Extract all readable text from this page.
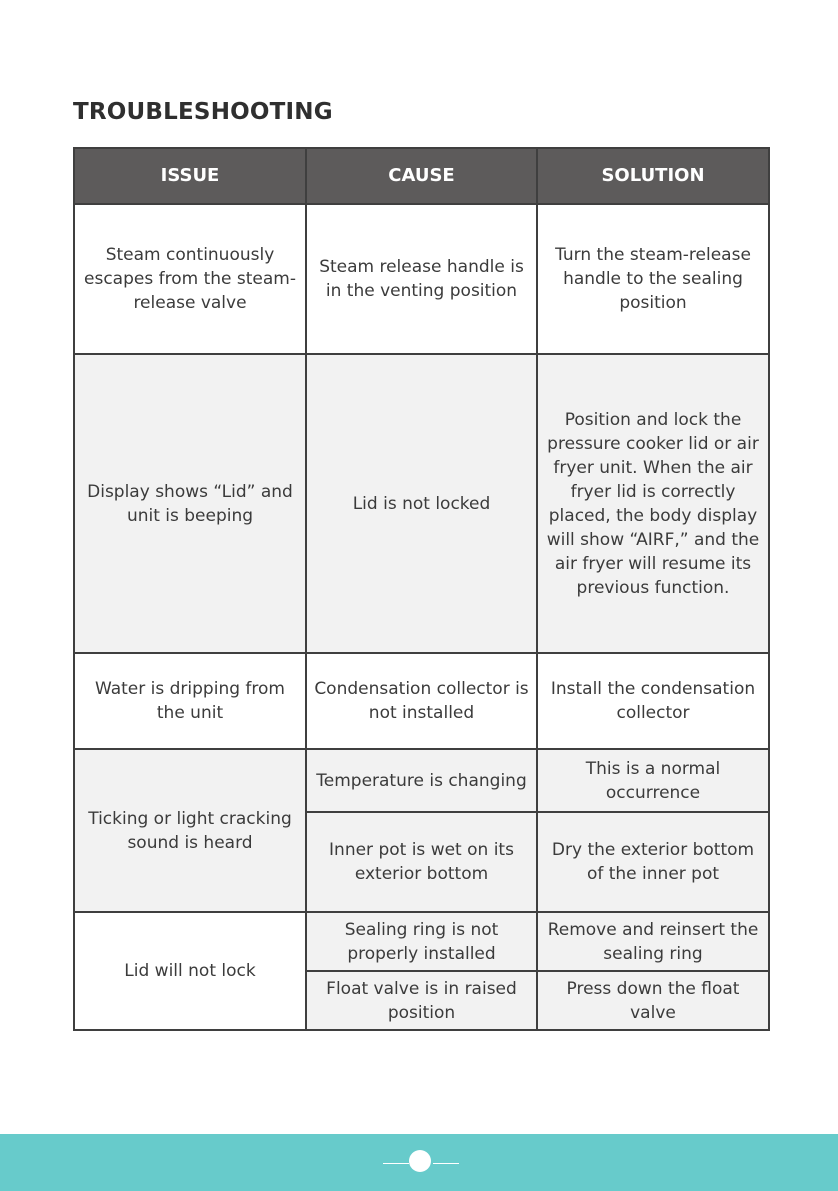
TROUBLESHOOTING
ISSUE	CAUSE	SOLUTION
Steam continuously escapes from the steam-release valve	Steam release handle is in the venting position	Turn the steam-release handle to the sealing position
Display shows “Lid” and unit is beeping	Lid is not locked	Position and lock the pressure cooker lid or air fryer unit. When the air fryer lid is correctly placed, the body display will show “AIRF,” and the air fryer will resume its previous function.
Water is dripping from the unit	Condensation collector is not installed	Install the condensation collector
Ticking or light cracking sound is heard	Temperature is changing	This is a normal occurrence
	Inner pot is wet on its exterior bottom	Dry the exterior bottom of the inner pot
Lid will not lock	Sealing ring is not properly installed	Remove and reinsert the sealing ring
	Float valve is in raised position	Press down the float valve
